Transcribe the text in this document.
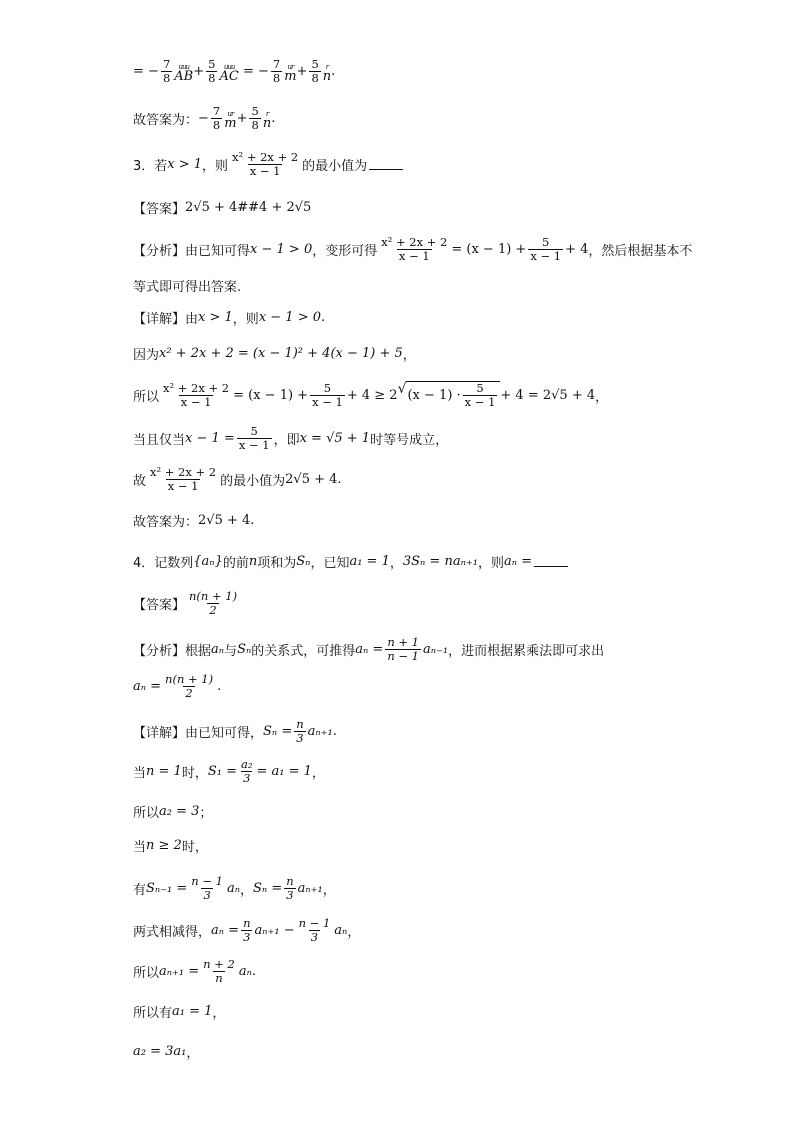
=
− $\frac{7}{8}$ uuu
AB + $\frac{5}{8}$ uuu
AC
= − $\frac{7}{8}$ ur
$m + \frac{5}{8}$ r
n .
故答案为： − $\frac{7}{8}$ ur
$m + \frac{5}{8}$ r
n .
3．若 x > 1 ，则 $\frac{\text{x² + 2x + 2}}{x - 1}$ 的最小值为
【答案】 2√5 + 4##4 + 2√5
【分析】 由已知可得 x − 1 > 0 ，变形可得 $\frac{\text{x² + 2x + 2}}{x - 1} = (x - 1) + \frac{5}{x - 1} + 4$ ，然后根据基本不
等式即可得出答案.
【详解】 由 x > 1 ，则 x − 1 > 0.
因为 x² + 2x + 2 = (x − 1)² + 4(x − 1) + 5 ，
所以 $\frac{\text{x² + 2x + 2}}{x - 1} = (x - 1) + \frac{5}{x - 1} + 4 \ge 2$ √ $(x - 1) \cdot \frac{5}{x - 1} + 4 = 2√5 + 4$ ，
当且仅当 $x - 1 = \frac{5}{x - 1}$ ，即 x = √5 + 1 时等号成立，
故 $\frac{\text{x² + 2x + 2}}{x - 1}$ 的最小值为 2√5 + 4.
故答案为： 2√5 + 4.
4．记数列 {aₙ} 的前 n 项和为 Sₙ ，已知 a₁ = 1 ， 3Sₙ = naₙ₊₁ ，则 aₙ =
【答案】 $\frac{n(n + 1)}{2}$
【分析】 根据 aₙ 与 Sₙ 的关系式，可推得 $a_n = \frac{n + 1}{n - 1} a_{n-1}$ ，进而根据累乘法即可求出
$a_n = \frac{n(n + 1)}{2}$ .
【详解】 由已知可得， $S_n = \frac{n}{3} a_{n+1}$.
当 n = 1 时， $S_1 = \frac{\text{a₂}}{3} = a_1 = 1$ ，
所以 a₂ = 3 ；
当 n ≥ 2 时，
有 $S_{n-1} = \frac{n - 1}{3}$ aₙ ， $S_n = \frac{n}{3} a_{n+1}$ ，
两式相减得， $a_n = \frac{n}{3} a_{n+1} - \frac{n - 1}{3}$ aₙ ，
所以 $a_{n+1} = \frac{n + 2}{n} a_n$.
所以有 a₁ = 1 ，
a₂ = 3a₁ ，
